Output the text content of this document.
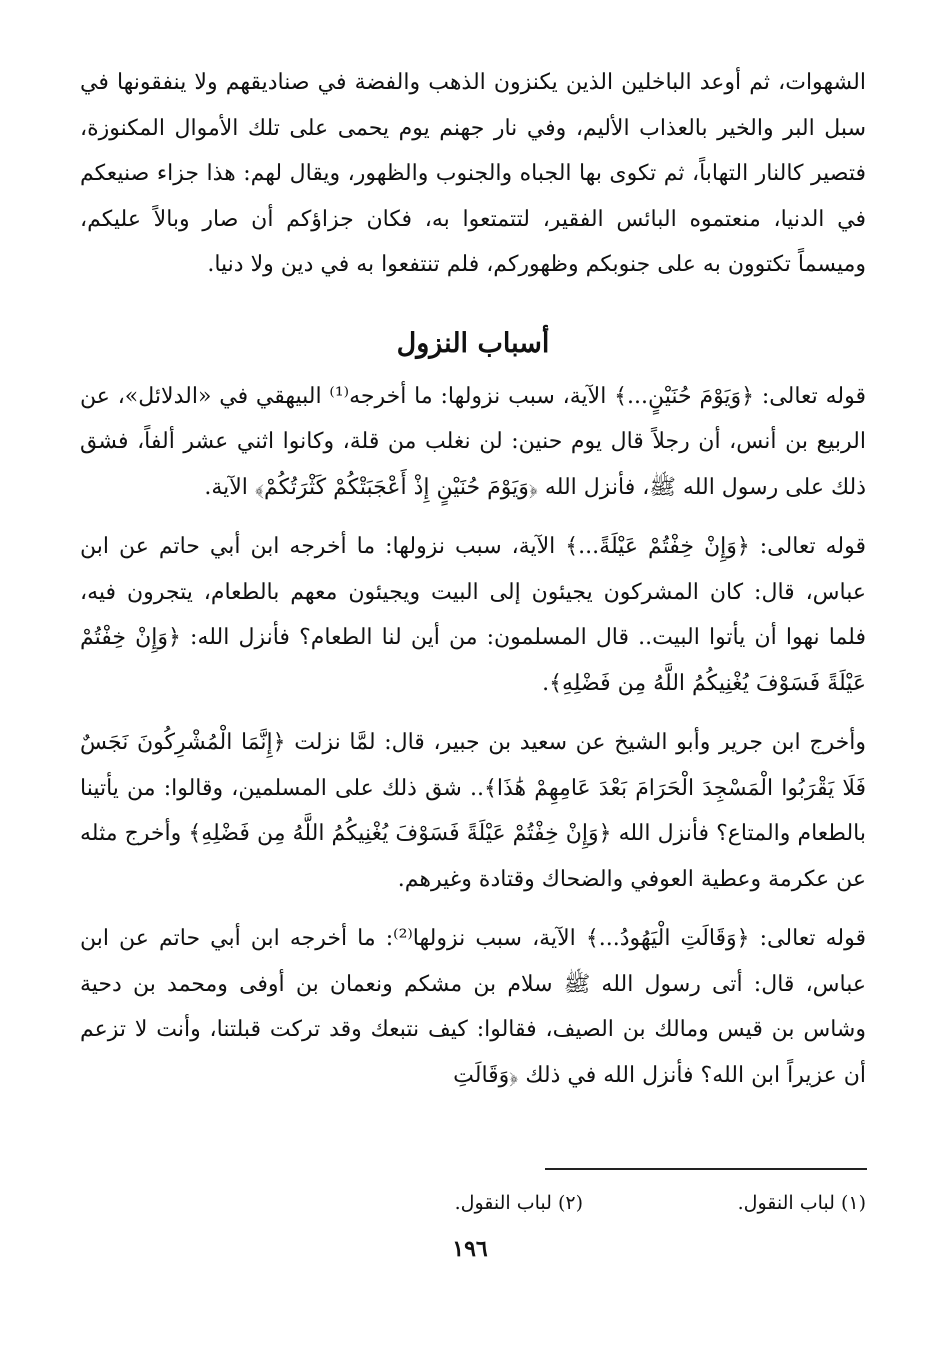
الشهوات، ثم أوعد الباخلين الذين يكنزون الذهب والفضة في صناديقهم ولا ينفقونها في سبل البر والخير بالعذاب الأليم، وفي نار جهنم يوم يحمى على تلك الأموال المكنوزة، فتصير كالنار التهاباً، ثم تكوى بها الجباه والجنوب والظهور، ويقال لهم: هذا جزاء صنيعكم في الدنيا، منعتموه البائس الفقير، لتتمتعوا به، فكان جزاؤكم أن صار وبالاً عليكم، وميسماً تكتوون به على جنوبكم وظهوركم، فلم تنتفعوا به في دين ولا دنيا.

أسباب النزول

قوله تعالى: ﴿وَيَوْمَ حُنَيْنٍ...﴾ الآية، سبب نزولها: ما أخرجه⁽¹⁾ البيهقي في «الدلائل»، عن الربيع بن أنس، أن رجلاً قال يوم حنين: لن نغلب من قلة، وكانوا اثني عشر ألفاً، فشق ذلك على رسول الله ﷺ، فأنزل الله ﴿وَيَوْمَ حُنَيْنٍ إِذْ أَعْجَبَتْكُمْ كَثْرَتُكُمْ﴾ الآية.

قوله تعالى: ﴿وَإِنْ خِفْتُمْ عَيْلَةً...﴾ الآية، سبب نزولها: ما أخرجه ابن أبي حاتم عن ابن عباس، قال: كان المشركون يجيئون إلى البيت ويجيئون معهم بالطعام، يتجرون فيه، فلما نهوا أن يأتوا البيت.. قال المسلمون: من أين لنا الطعام؟ فأنزل الله: ﴿وَإِنْ خِفْتُمْ عَيْلَةً فَسَوْفَ يُغْنِيكُمُ اللَّهُ مِن فَضْلِهِ﴾.

وأخرج ابن جرير وأبو الشيخ عن سعيد بن جبير، قال: لمَّا نزلت ﴿إِنَّمَا الْمُشْرِكُونَ نَجَسٌ فَلَا يَقْرَبُوا الْمَسْجِدَ الْحَرَامَ بَعْدَ عَامِهِمْ هَٰذَا﴾.. شق ذلك على المسلمين، وقالوا: من يأتينا بالطعام والمتاع؟ فأنزل الله ﴿وَإِنْ خِفْتُمْ عَيْلَةً فَسَوْفَ يُغْنِيكُمُ اللَّهُ مِن فَضْلِهِ﴾ وأخرج مثله عن عكرمة وعطية العوفي والضحاك وقتادة وغيرهم.

قوله تعالى: ﴿وَقَالَتِ الْيَهُودُ...﴾ الآية، سبب نزولها⁽²⁾: ما أخرجه ابن أبي حاتم عن ابن عباس، قال: أتى رسول الله ﷺ سلام بن مشكم ونعمان بن أوفى ومحمد بن دحية وشاس بن قيس ومالك بن الصيف، فقالوا: كيف نتبعك وقد تركت قبلتنا، وأنت لا تزعم أن عزيراً ابن الله؟ فأنزل الله في ذلك ﴿وَقَالَتِ

(١) لباب النقول.
(٢) لباب النقول.
١٩٦
